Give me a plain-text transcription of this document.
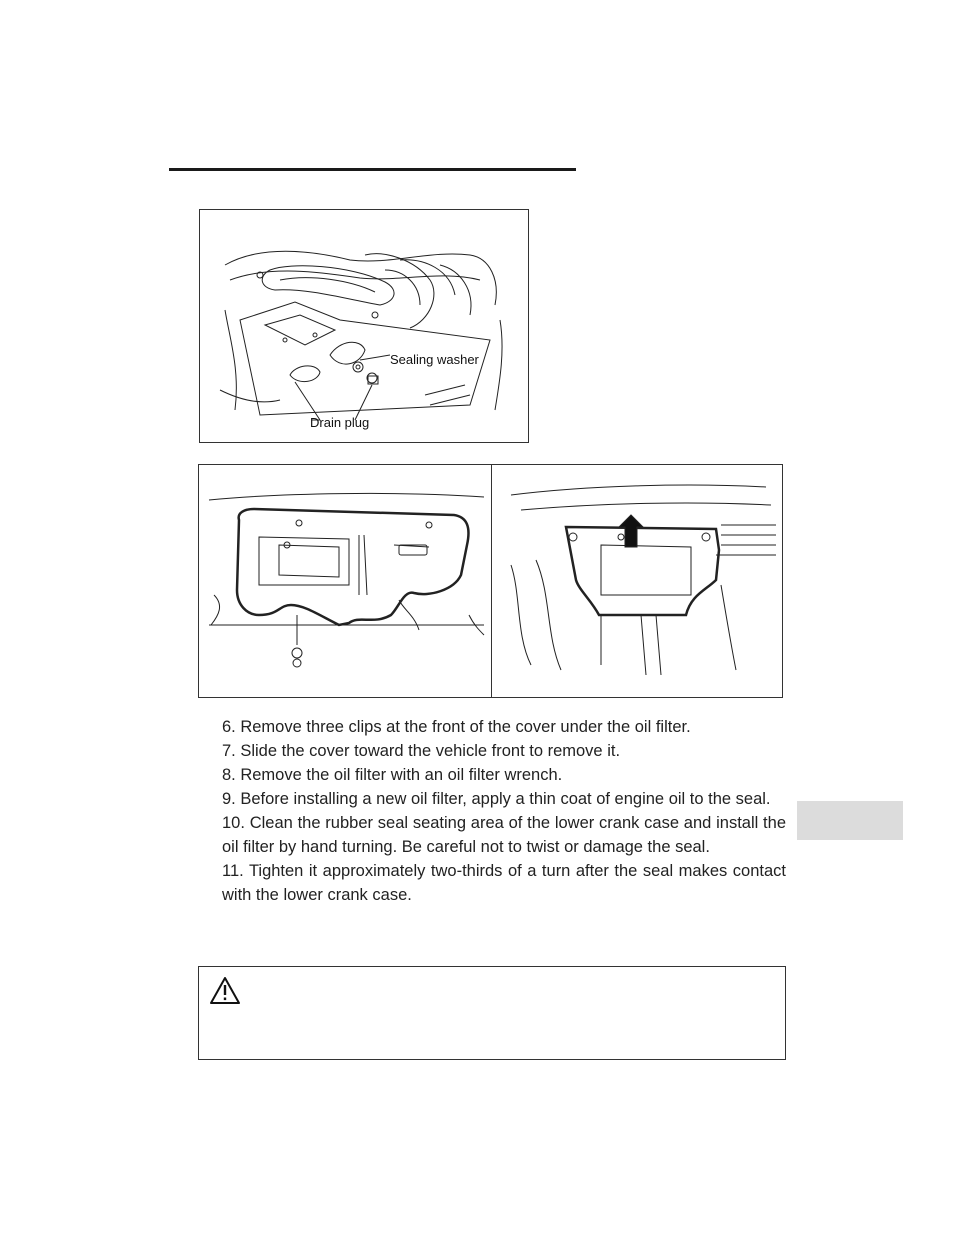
Sealing washer
Drain plug

6. Remove three clips at the front of the cover under the oil filter.

7. Slide the cover toward the vehicle front to remove it.

8. Remove the oil filter with an oil filter wrench.

9. Before installing a new oil filter, apply a thin coat of engine oil to the seal.

10. Clean the rubber seal seating area of the lower crank case and install the oil filter by hand turning. Be careful not to twist or damage the seal.

11. Tighten it approximately two-thirds of a turn after the seal makes contact with the lower crank case.
